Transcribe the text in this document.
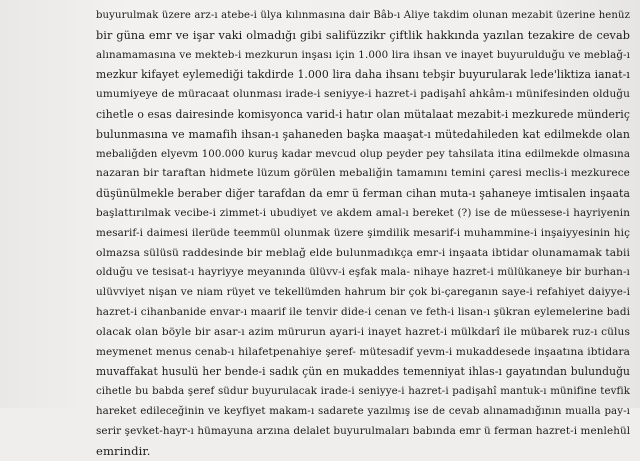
buyurulmak üzere arz-ı atebe-i ülya kılınmasına dair Bâb-ı Aliye takdim olunan mezabit üzerine henüz
bir güna emr ve işar vaki olmadığı gibi salifüzzikr çiftlik hakkında yazılan tezakire de cevab
alınamamasına ve mekteb-i mezkurun inşası için 1.000 lira ihsan ve inayet buyurulduğu ve meblağ-ı
mezkur kifayet eylemediği takdirde 1.000 lira daha ihsanı tebşir buyurularak lede'liktiza ianat-ı
umumiyeye de müracaat olunması irade-i seniyye-i hazret-i padişahî ahkâm-ı münifesinden olduğu
cihetle o esas dairesinde komisyonca varid-i hatır olan mütalaat mezabit-i mezkurede münderiç
bulunmasına ve mamafih ihsan-ı şahaneden başka maaşat-ı mütedahileden kat edilmekde olan
mebaliğden elyevm 100.000 kuruş kadar mevcud olup peyder pey tahsilata itina edilmekde olmasına
nazaran bir taraftan hidmete lüzum görülen mebaliğin tamamını temini çaresi meclis-i mezkurece
düşünülmekle beraber diğer tarafdan da emr ü ferman cihan muta-ı şahaneye imtisalen inşaata
başlattırılmak vecibe-i zimmet-i ubudiyet ve akdem amal-ı bereket (?) ise de müessese-i hayriyenin
mesarif-i daimesi ilerüde teemmül olunmak üzere şimdilik mesarif-i muhammine-i inşaiyyesinin hiç
olmazsa sülüsü raddesinde bir meblağ elde bulunmadıkça emr-i inşaata ibtidar olunamamak tabii
olduğu ve tesisat-ı hayriyye meyanında ülüvv-i eşfak mala- nihaye hazret-i mülükaneye bir burhan-ı
ulüvviyet nişan ve niam rüyet ve tekellümden hahrum bir çok bi-çareganın saye-i refahiyet daiyye-i
hazret-i cihanbanide envar-ı maarif ile tenvir dide-i cenan ve feth-i lisan-ı şükran eylemelerine badi
olacak olan böyle bir asar-ı azim mürurun ayari-i inayet hazret-i mülkdarî ile mübarek ruz-ı cülus
meymenet menus cenab-ı hilafetpenahiye şeref- mütesadif yevm-i mukaddesede inşaatına ibtidara
muvaffakat husulü her bende-i sadık çün en mukaddes temenniyat ihlas-ı gayatından bulunduğu
cihetle bu babda şeref südur buyurulacak irade-i seniyye-i hazret-i padişahî mantuk-ı münifine tevfik
hareket edileceğinin ve keyfiyet makam-ı sadarete yazılmış ise de cevab alınamadığının mualla pay-ı
serir şevket-hayr-ı hümayuna arzına delalet buyurulmaları babında emr ü ferman hazret-i menlehül
emrindir.
